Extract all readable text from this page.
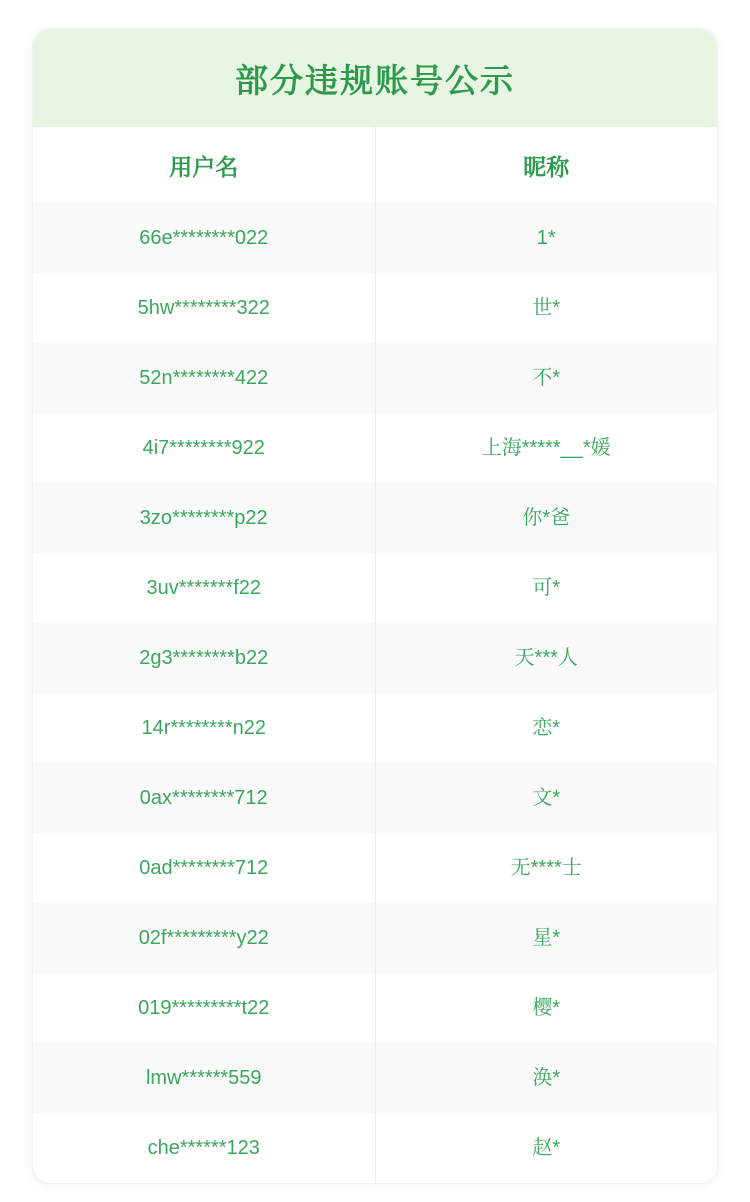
部分违规账号公示
用户名	昵称
66e********022	1*
5hw********322	世*
52n********422	不*
4i7********922	上海*****__*媛
3zo********p22	你*爸
3uv*******f22	可*
2g3********b22	天***人
14r********n22	恋*
0ax********712	文*
0ad********712	无****士
02f*********y22	星*
019*********t22	樱*
lmw******559	涣*
che******123	赵*
